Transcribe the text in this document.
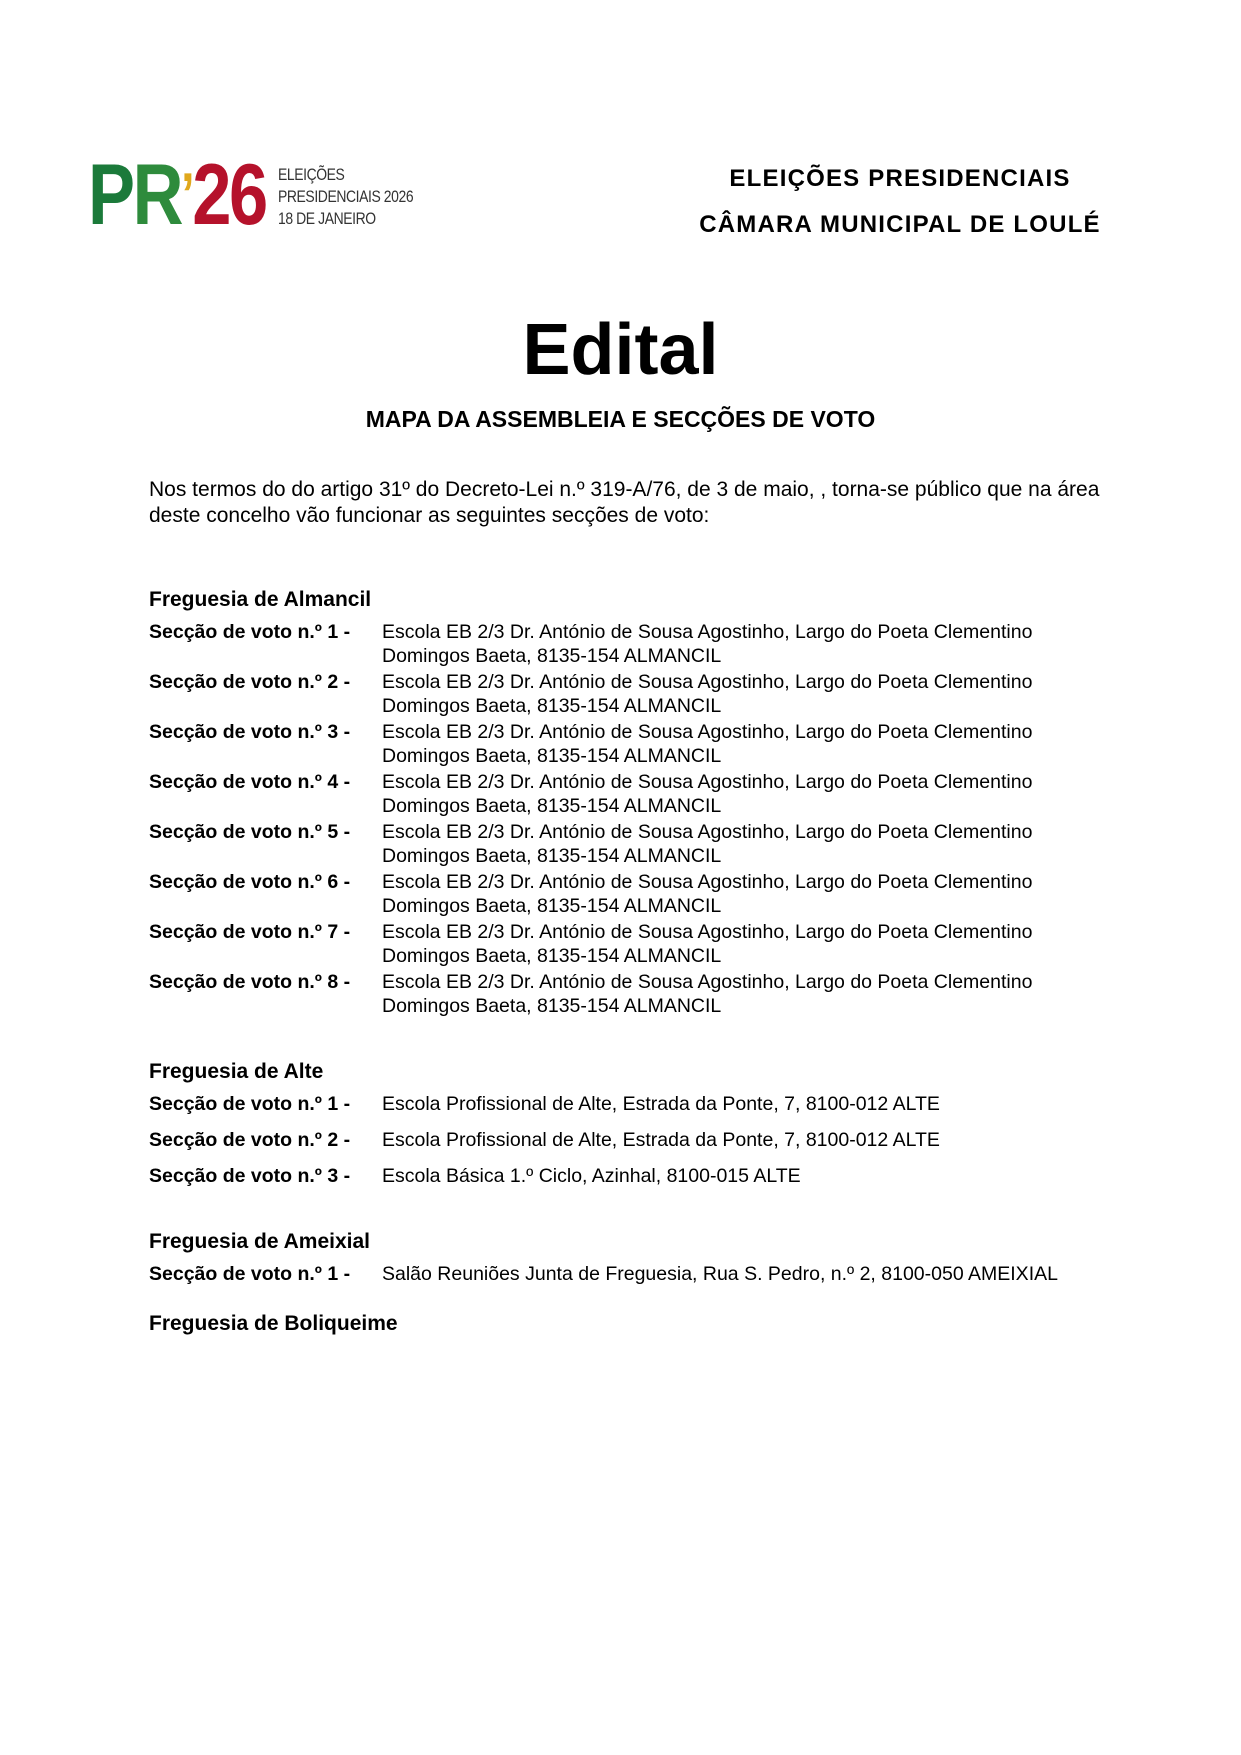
PR’26 ELEIÇÕES
PRESIDENCIAIS 2026
18 DE JANEIRO
ELEIÇÕES PRESIDENCIAIS
CÂMARA MUNICIPAL DE LOULÉ
Edital
MAPA DA ASSEMBLEIA E SECÇÕES DE VOTO
Nos termos do do artigo 31º do Decreto-Lei n.º 319-A/76, de 3 de maio, , torna-se público que na área deste concelho vão funcionar as seguintes secções de voto:
Freguesia de Almancil
Secção de voto n.º 1 -	Escola EB 2/3 Dr. António de Sousa Agostinho, Largo do Poeta Clementino Domingos Baeta, 8135-154 ALMANCIL
Secção de voto n.º 2 -	Escola EB 2/3 Dr. António de Sousa Agostinho, Largo do Poeta Clementino Domingos Baeta, 8135-154 ALMANCIL
Secção de voto n.º 3 -	Escola EB 2/3 Dr. António de Sousa Agostinho, Largo do Poeta Clementino Domingos Baeta, 8135-154 ALMANCIL
Secção de voto n.º 4 -	Escola EB 2/3 Dr. António de Sousa Agostinho, Largo do Poeta Clementino Domingos Baeta, 8135-154 ALMANCIL
Secção de voto n.º 5 -	Escola EB 2/3 Dr. António de Sousa Agostinho, Largo do Poeta Clementino Domingos Baeta, 8135-154 ALMANCIL
Secção de voto n.º 6 -	Escola EB 2/3 Dr. António de Sousa Agostinho, Largo do Poeta Clementino Domingos Baeta, 8135-154 ALMANCIL
Secção de voto n.º 7 -	Escola EB 2/3 Dr. António de Sousa Agostinho, Largo do Poeta Clementino Domingos Baeta, 8135-154 ALMANCIL
Secção de voto n.º 8 -	Escola EB 2/3 Dr. António de Sousa Agostinho, Largo do Poeta Clementino Domingos Baeta, 8135-154 ALMANCIL
Freguesia de Alte
Secção de voto n.º 1 -	Escola Profissional de Alte, Estrada da Ponte, 7, 8100-012 ALTE
Secção de voto n.º 2 -	Escola Profissional de Alte, Estrada da Ponte, 7, 8100-012 ALTE
Secção de voto n.º 3 -	Escola Básica 1.º Ciclo, Azinhal, 8100-015 ALTE
Freguesia de Ameixial
Secção de voto n.º 1 -	Salão Reuniões Junta de Freguesia, Rua S. Pedro, n.º 2, 8100-050 AMEIXIAL
Freguesia de Boliqueime
